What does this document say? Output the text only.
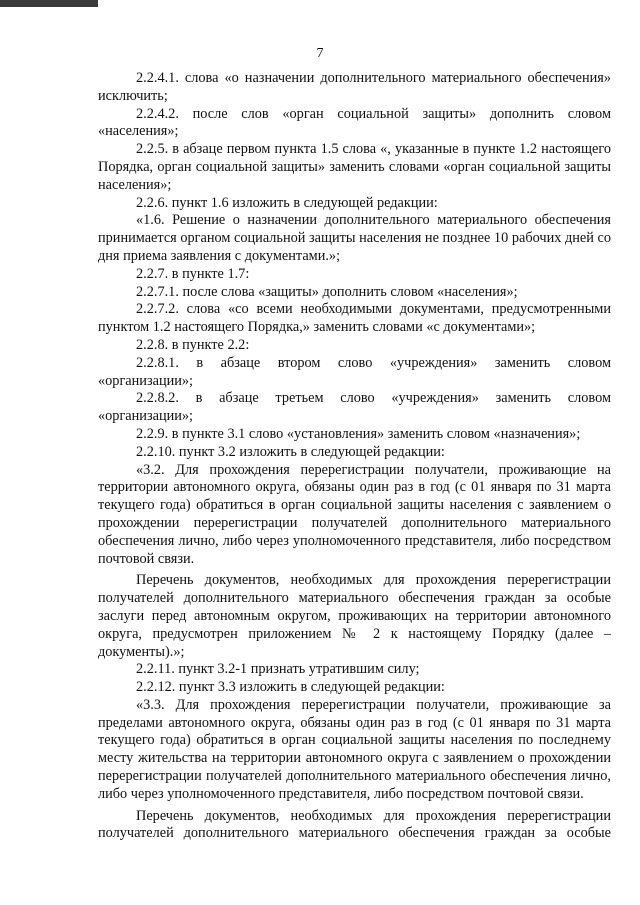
7

2.2.4.1. слова «о назначении дополнительного материального обеспечения» исключить;

2.2.4.2. после слов «орган социальной защиты» дополнить словом «населения»;

2.2.5. в абзаце первом пункта 1.5 слова «, указанные в пункте 1.2 настоящего Порядка, орган социальной защиты» заменить словами «орган социальной защиты населения»;

2.2.6. пункт 1.6 изложить в следующей редакции:

«1.6. Решение о назначении дополнительного материального обеспечения принимается органом социальной защиты населения не позднее 10 рабочих дней со дня приема заявления с документами.»;

2.2.7. в пункте 1.7:

2.2.7.1. после слова «защиты» дополнить словом «населения»;

2.2.7.2. слова «со всеми необходимыми документами, предусмотренными пунктом 1.2 настоящего Порядка,» заменить словами «с документами»;

2.2.8. в пункте 2.2:

2.2.8.1. в абзаце втором слово «учреждения» заменить словом «организации»;

2.2.8.2. в абзаце третьем слово «учреждения» заменить словом «организации»;

2.2.9. в пункте 3.1 слово «установления» заменить словом «назначения»;

2.2.10. пункт 3.2 изложить в следующей редакции:

«3.2. Для прохождения перерегистрации получатели, проживающие на территории автономного округа, обязаны один раз в год (с 01 января по 31 марта текущего года) обратиться в орган социальной защиты населения с заявлением о прохождении перерегистрации получателей дополнительного материального обеспечения лично, либо через уполномоченного представителя, либо посредством почтовой связи.

Перечень документов, необходимых для прохождения перерегистрации получателей дополнительного материального обеспечения граждан за особые заслуги перед автономным округом, проживающих на территории автономного округа, предусмотрен приложением № 2 к настоящему Порядку (далее – документы).»;

2.2.11. пункт 3.2-1 признать утратившим силу;

2.2.12. пункт 3.3 изложить в следующей редакции:

«3.3. Для прохождения перерегистрации получатели, проживающие за пределами автономного округа, обязаны один раз в год (с 01 января по 31 марта текущего года) обратиться в орган социальной защиты населения по последнему месту жительства на территории автономного округа с заявлением о прохождении перерегистрации получателей дополнительного материального обеспечения лично, либо через уполномоченного представителя, либо посредством почтовой связи.

Перечень документов, необходимых для прохождения перерегистрации получателей дополнительного материального обеспечения граждан за особые
